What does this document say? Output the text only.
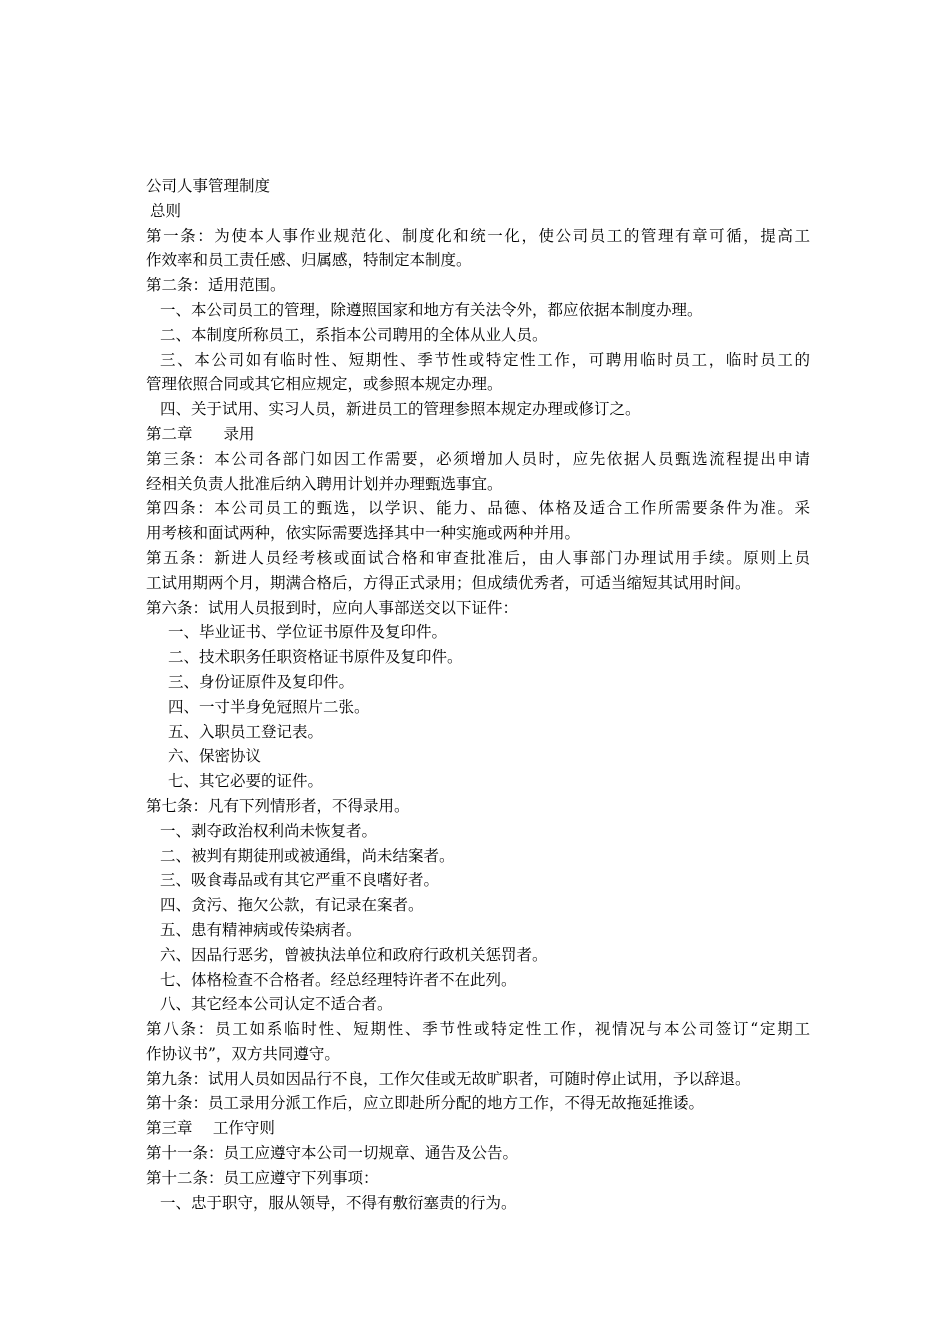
公司人事管理制度
总则
第一条：为使本人事作业规范化、制度化和统一化，使公司员工的管理有章可循，提高工
作效率和员工责任感、归属感，特制定本制度。
第二条：适用范围。
一、本公司员工的管理，除遵照国家和地方有关法令外，都应依据本制度办理。
二、本制度所称员工，系指本公司聘用的全体从业人员。
三、本公司如有临时性、短期性、季节性或特定性工作，可聘用临时员工，临时员工的
管理依照合同或其它相应规定，或参照本规定办理。
四、关于试用、实习人员，新进员工的管理参照本规定办理或修订之。
第二章　　录用
第三条：本公司各部门如因工作需要，必须增加人员时，应先依据人员甄选流程提出申请
经相关负责人批准后纳入聘用计划并办理甄选事宜。
第四条：本公司员工的甄选，以学识、能力、品德、体格及适合工作所需要条件为准。采
用考核和面试两种，依实际需要选择其中一种实施或两种并用。
第五条：新进人员经考核或面试合格和审查批准后，由人事部门办理试用手续。原则上员
工试用期两个月，期满合格后，方得正式录用；但成绩优秀者，可适当缩短其试用时间。
第六条：试用人员报到时，应向人事部送交以下证件：
一、毕业证书、学位证书原件及复印件。
二、技术职务任职资格证书原件及复印件。
三、身份证原件及复印件。
四、一寸半身免冠照片二张。
五、入职员工登记表。
六、保密协议
七、其它必要的证件。
第七条：凡有下列情形者，不得录用。
一、剥夺政治权利尚未恢复者。
二、被判有期徒刑或被通缉，尚未结案者。
三、吸食毒品或有其它严重不良嗜好者。
四、贪污、拖欠公款，有记录在案者。
五、患有精神病或传染病者。
六、因品行恶劣，曾被执法单位和政府行政机关惩罚者。
七、体格检查不合格者。经总经理特许者不在此列。
八、其它经本公司认定不适合者。
第八条：员工如系临时性、短期性、季节性或特定性工作，视情况与本公司签订“定期工
作协议书”，双方共同遵守。
第九条：试用人员如因品行不良，工作欠佳或无故旷职者，可随时停止试用，予以辞退。
第十条：员工录用分派工作后，应立即赴所分配的地方工作，不得无故拖延推诿。
第三章　 工作守则
第十一条：员工应遵守本公司一切规章、通告及公告。
第十二条：员工应遵守下列事项：
一、忠于职守，服从领导，不得有敷衍塞责的行为。
